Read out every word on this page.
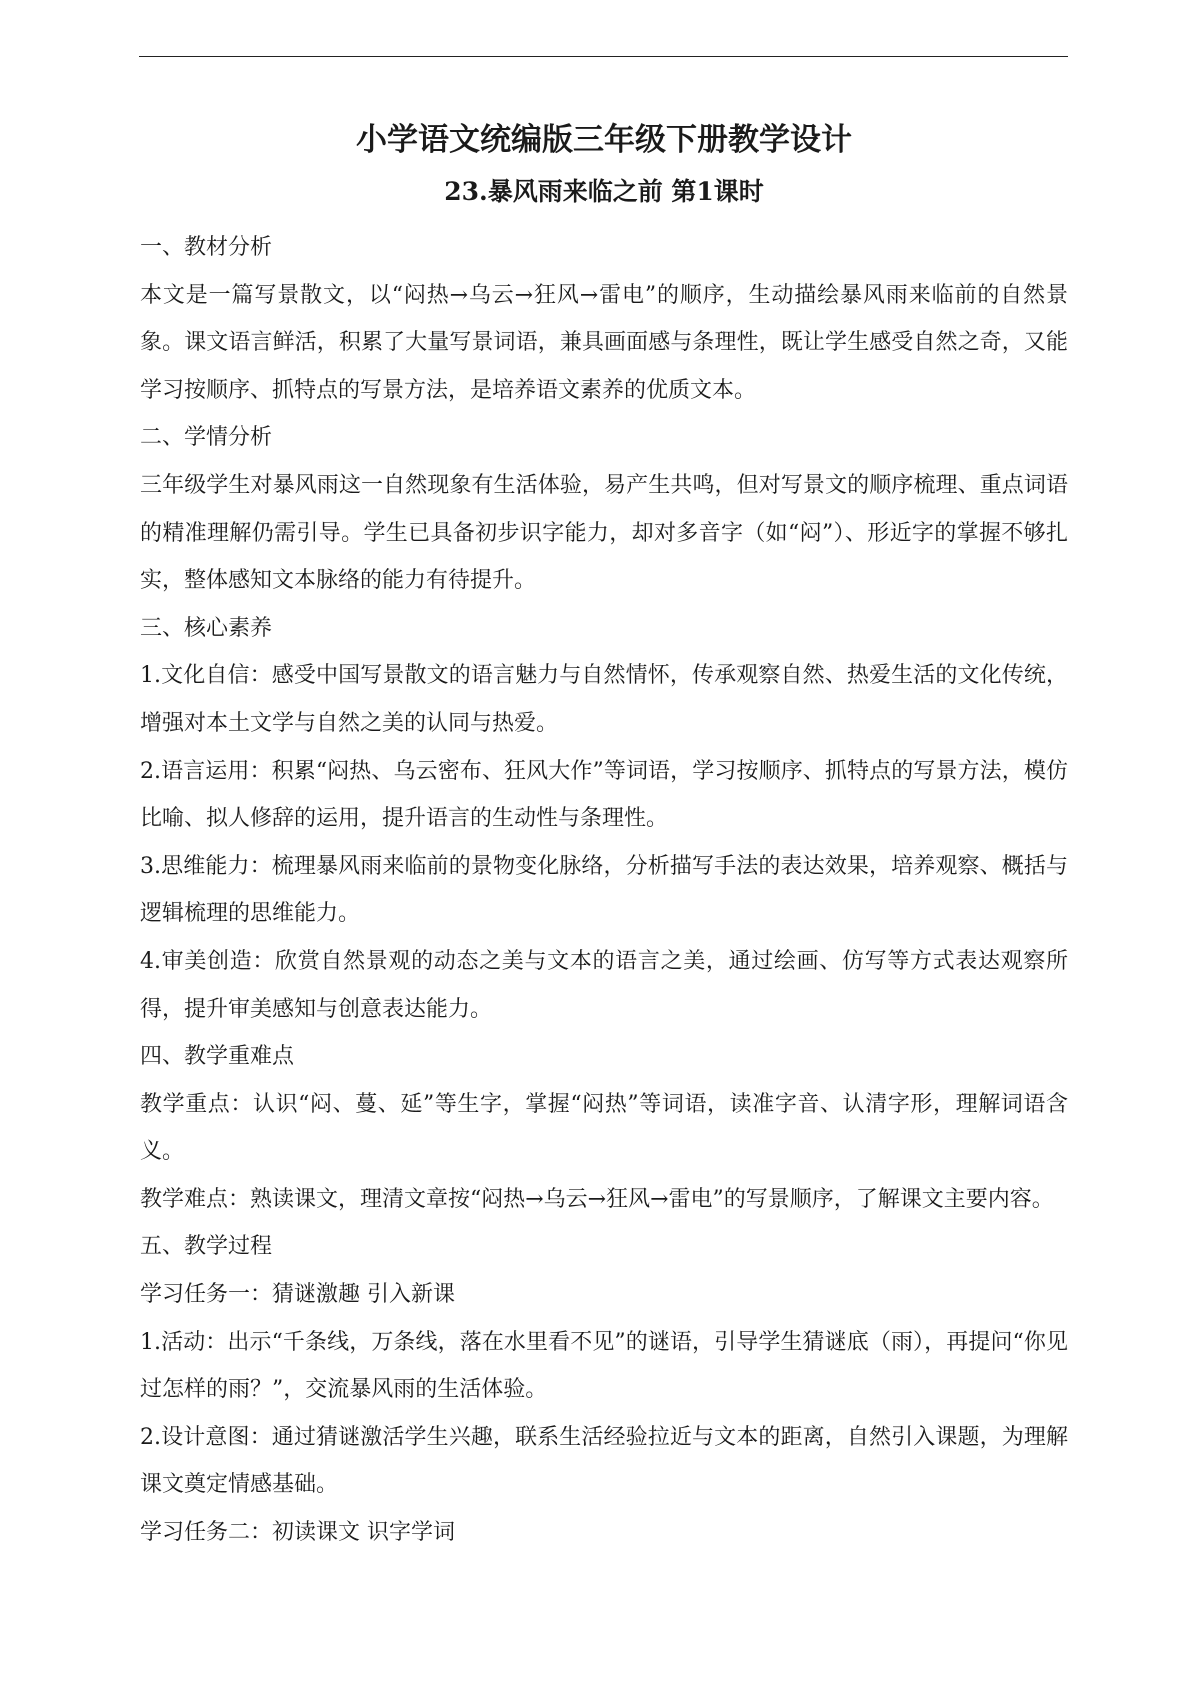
小学语文统编版三年级下册教学设计
23.暴风雨来临之前 第1课时

一、教材分析

本文是一篇写景散文，以“闷热→乌云→狂风→雷电”的顺序，生动描绘暴风雨来临前的自然景象。课文语言鲜活，积累了大量写景词语，兼具画面感与条理性，既让学生感受自然之奇，又能学习按顺序、抓特点的写景方法，是培养语文素养的优质文本。

二、学情分析

三年级学生对暴风雨这一自然现象有生活体验，易产生共鸣，但对写景文的顺序梳理、重点词语的精准理解仍需引导。学生已具备初步识字能力，却对多音字（如“闷”）、形近字的掌握不够扎实，整体感知文本脉络的能力有待提升。

三、核心素养

1.文化自信：感受中国写景散文的语言魅力与自然情怀，传承观察自然、热爱生活的文化传统，增强对本土文学与自然之美的认同与热爱。

2.语言运用：积累“闷热、乌云密布、狂风大作”等词语，学习按顺序、抓特点的写景方法，模仿比喻、拟人修辞的运用，提升语言的生动性与条理性。

3.思维能力：梳理暴风雨来临前的景物变化脉络，分析描写手法的表达效果，培养观察、概括与逻辑梳理的思维能力。

4.审美创造：欣赏自然景观的动态之美与文本的语言之美，通过绘画、仿写等方式表达观察所得，提升审美感知与创意表达能力。

四、教学重难点

教学重点：认识“闷、蔓、延”等生字，掌握“闷热”等词语，读准字音、认清字形，理解词语含义。

教学难点：熟读课文，理清文章按“闷热→乌云→狂风→雷电”的写景顺序，了解课文主要内容。

五、教学过程

学习任务一：猜谜激趣 引入新课

1.活动：出示“千条线，万条线，落在水里看不见”的谜语，引导学生猜谜底（雨），再提问“你见过怎样的雨？”，交流暴风雨的生活体验。

2.设计意图：通过猜谜激活学生兴趣，联系生活经验拉近与文本的距离，自然引入课题，为理解课文奠定情感基础。

学习任务二：初读课文 识字学词
